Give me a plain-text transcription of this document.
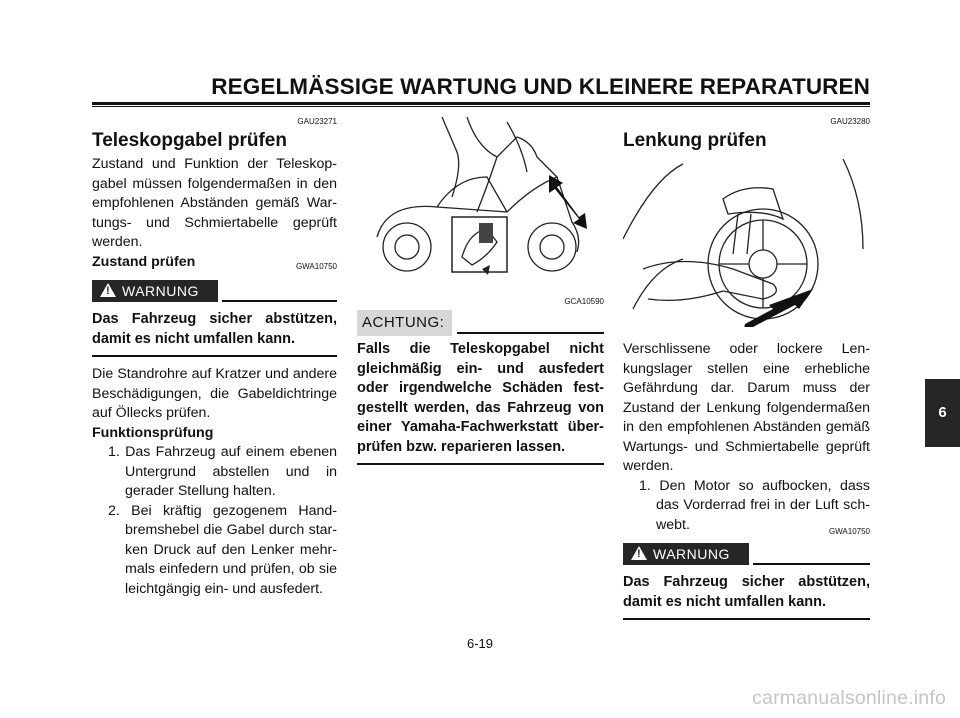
REGELMÄSSIGE WARTUNG UND KLEINERE REPARATUREN
GAU23271
Teleskopgabel prüfen

Zustand und Funktion der Teleskopgabel müssen folgendermaßen in den empfohlenen Abständen gemäß Wartungs- und Schmiertabelle geprüft werden.

Zustand prüfen	GWA10750
! WARNUNG
Das Fahrzeug sicher abstützen, damit es nicht umfallen kann.

Die Standrohre auf Kratzer und andere Beschädigungen, die Gabeldichtringe auf Öllecks prüfen.

Funktionsprüfung

1. Das Fahrzeug auf einem ebenen Untergrund abstellen und in gerader Stellung halten.
2. Bei kräftig gezogenem Handbremshebel die Gabel durch starken Druck auf den Lenker mehrmals einfedern und prüfen, ob sie leichtgängig ein- und ausfedert.
GCA10590
ACHTUNG:
Falls die Teleskopgabel nicht gleichmäßig ein- und ausfedert oder irgendwelche Schäden festgestellt werden, das Fahrzeug von einer Yamaha-Fachwerkstatt überprüfen bzw. reparieren lassen.
GAU23280
Lenkung prüfen

Verschlissene oder lockere Lenkungslager stellen eine erhebliche Gefährdung dar. Darum muss der Zustand der Lenkung folgendermaßen in den empfohlenen Abständen gemäß Wartungs- und Schmiertabelle geprüft werden.

1. Den Motor so aufbocken, dass das Vorderrad frei in der Luft schwebt.	GWA10750
! WARNUNG
Das Fahrzeug sicher abstützen, damit es nicht umfallen kann.
6
6-19
carmanualsonline.info
